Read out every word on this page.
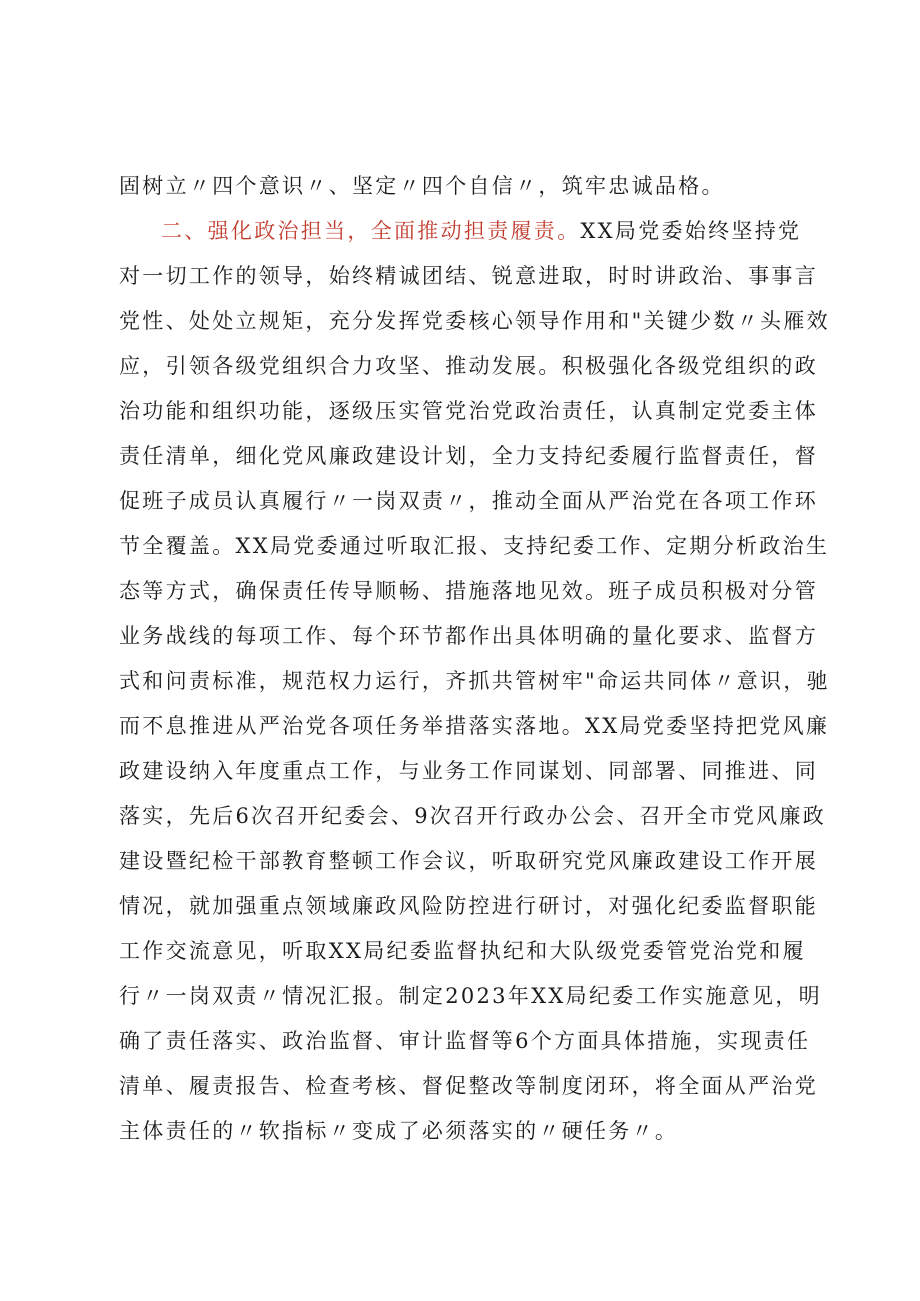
固树立〃四个意识〃、坚定〃四个自信〃，筑牢忠诚品格。
二、强化政治担当，全面推动担责履责。XX局党委始终坚持党
对一切工作的领导，始终精诚团结、锐意进取，时时讲政治、事事言
党性、处处立规矩，充分发挥党委核心领导作用和"关键少数〃头雁效
应，引领各级党组织合力攻坚、推动发展。积极强化各级党组织的政
治功能和组织功能，逐级压实管党治党政治责任，认真制定党委主体
责任清单，细化党风廉政建设计划，全力支持纪委履行监督责任，督
促班子成员认真履行〃一岗双责〃，推动全面从严治党在各项工作环
节全覆盖。XX局党委通过听取汇报、支持纪委工作、定期分析政治生
态等方式，确保责任传导顺畅、措施落地见效。班子成员积极对分管
业务战线的每项工作、每个环节都作出具体明确的量化要求、监督方
式和问责标准，规范权力运行，齐抓共管树牢"命运共同体〃意识，驰
而不息推进从严治党各项任务举措落实落地。XX局党委坚持把党风廉
政建设纳入年度重点工作，与业务工作同谋划、同部署、同推进、同
落实，先后6次召开纪委会、9次召开行政办公会、召开全市党风廉政
建设暨纪检干部教育整顿工作会议，听取研究党风廉政建设工作开展
情况，就加强重点领域廉政风险防控进行研讨，对强化纪委监督职能
工作交流意见，听取XX局纪委监督执纪和大队级党委管党治党和履
行〃一岗双责〃情况汇报。制定2023年XX局纪委工作实施意见，明
确了责任落实、政治监督、审计监督等6个方面具体措施，实现责任
清单、履责报告、检查考核、督促整改等制度闭环，将全面从严治党
主体责任的〃软指标〃变成了必须落实的〃硬任务〃。
